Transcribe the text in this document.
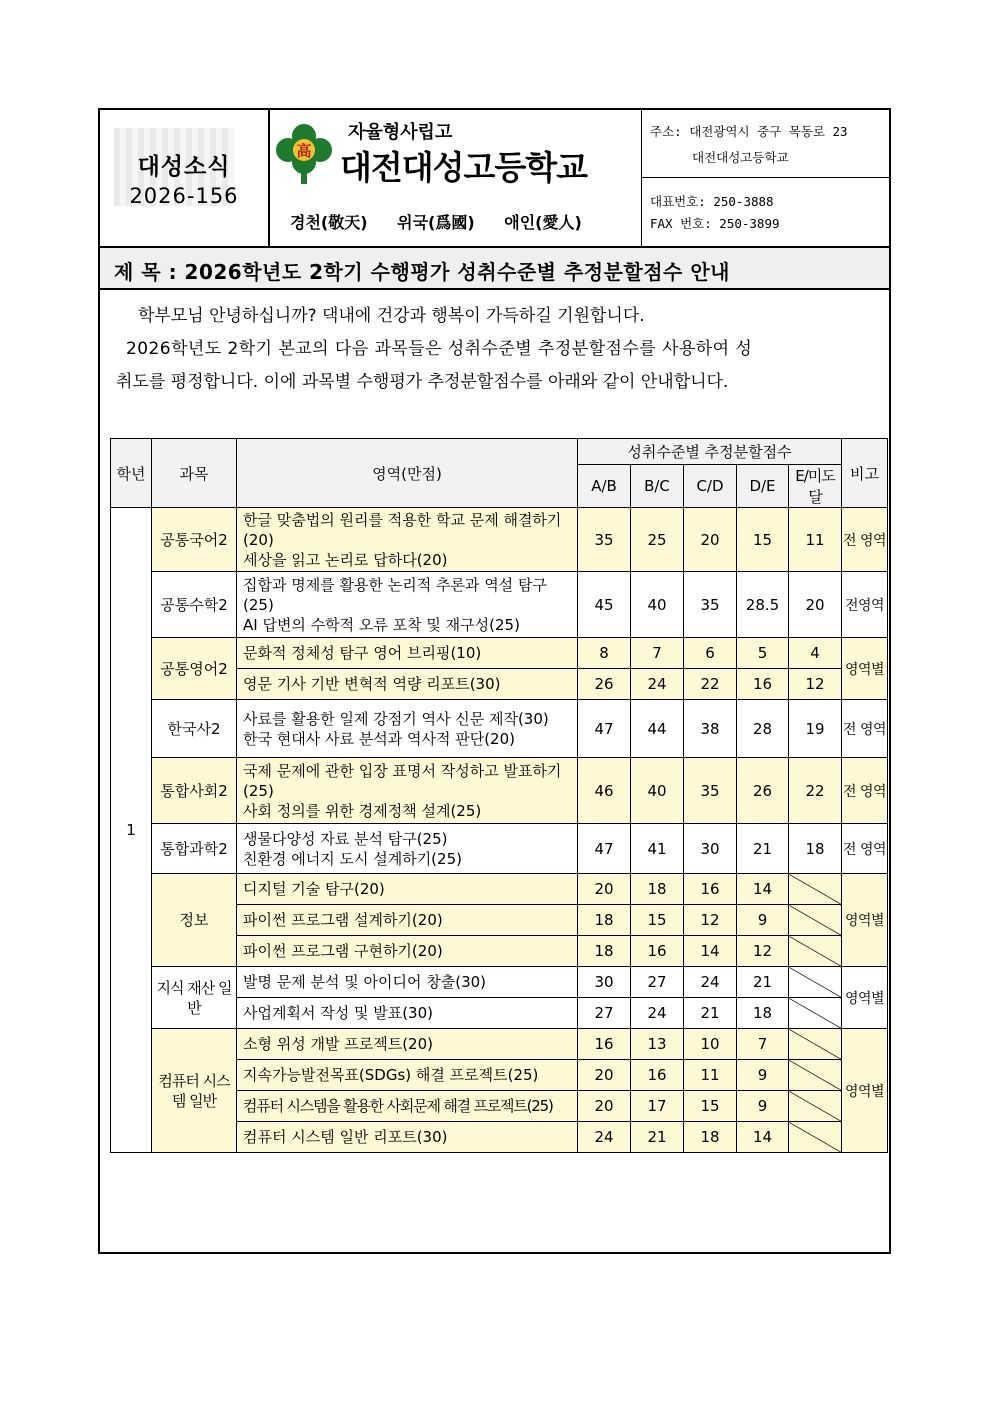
대성소식
2026-156
高
자율형사립고
대전대성고등학교
경천(敬天) 위국(爲國) 애인(愛人)
주소: 대전광역시 중구 목동로 23
대전대성고등학교
대표번호: 250-3888
FAX 번호: 250-3899
제 목 : 2026학년도 2학기 수행평가 성취수준별 추정분할점수 안내

학부모님 안녕하십니까? 댁내에 건강과 행복이 가득하길 기원합니다.

2026학년도 2학기 본교의 다음 과목들은 성취수준별 추정분할점수를 사용하여 성

취도를 평정합니다. 이에 과목별 수행평가 추정분할점수를 아래와 같이 안내합니다.

학년	과목	영역(만점)	성취수준별 추정분할점수					비고
			A/B	B/C	C/D	D/E	E/미도달	
1	공통국어2	한글 맞춤법의 원리를 적용한 학교 문제 해결하기(20)
세상을 읽고 논리로 답하다(20)	35	25	20	15	11	전 영역
	공통수학2	집합과 명제를 활용한 논리적 추론과 역설 탐구(25)
AI 답변의 수학적 오류 포착 및 재구성(25)	45	40	35	28.5	20	전영역
	공통영어2	문화적 정체성 탐구 영어 브리핑(10)	8	7	6	5	4	영역별
		영문 기사 기반 변혁적 역량 리포트(30)	26	24	22	16	12	
	한국사2	사료를 활용한 일제 강점기 역사 신문 제작(30)
한국 현대사 사료 분석과 역사적 판단(20)	47	44	38	28	19	전 영역
	통합사회2	국제 문제에 관한 입장 표명서 작성하고 발표하기(25)
사회 정의를 위한 경제정책 설계(25)	46	40	35	26	22	전 영역
	통합과학2	생물다양성 자료 분석 탐구(25)
친환경 에너지 도시 설계하기(25)	47	41	30	21	18	전 영역
	정보	디지털 기술 탐구(20)	20	18	16	14		영역별
		파이썬 프로그램 설계하기(20)	18	15	12	9		
		파이썬 프로그램 구현하기(20)	18	16	14	12		
	지식 재산 일반	발명 문제 분석 및 아이디어 창출(30)	30	27	24	21		영역별
		사업계획서 작성 및 발표(30)	27	24	21	18		
	컴퓨터 시스템 일반	소형 위성 개발 프로젝트(20)	16	13	10	7		영역별
		지속가능발전목표(SDGs) 해결 프로젝트(25)	20	16	11	9		
		컴퓨터 시스템을 활용한 사회문제 해결 프로젝트(25)	20	17	15	9		
		컴퓨터 시스템 일반 리포트(30)	24	21	18	14		
